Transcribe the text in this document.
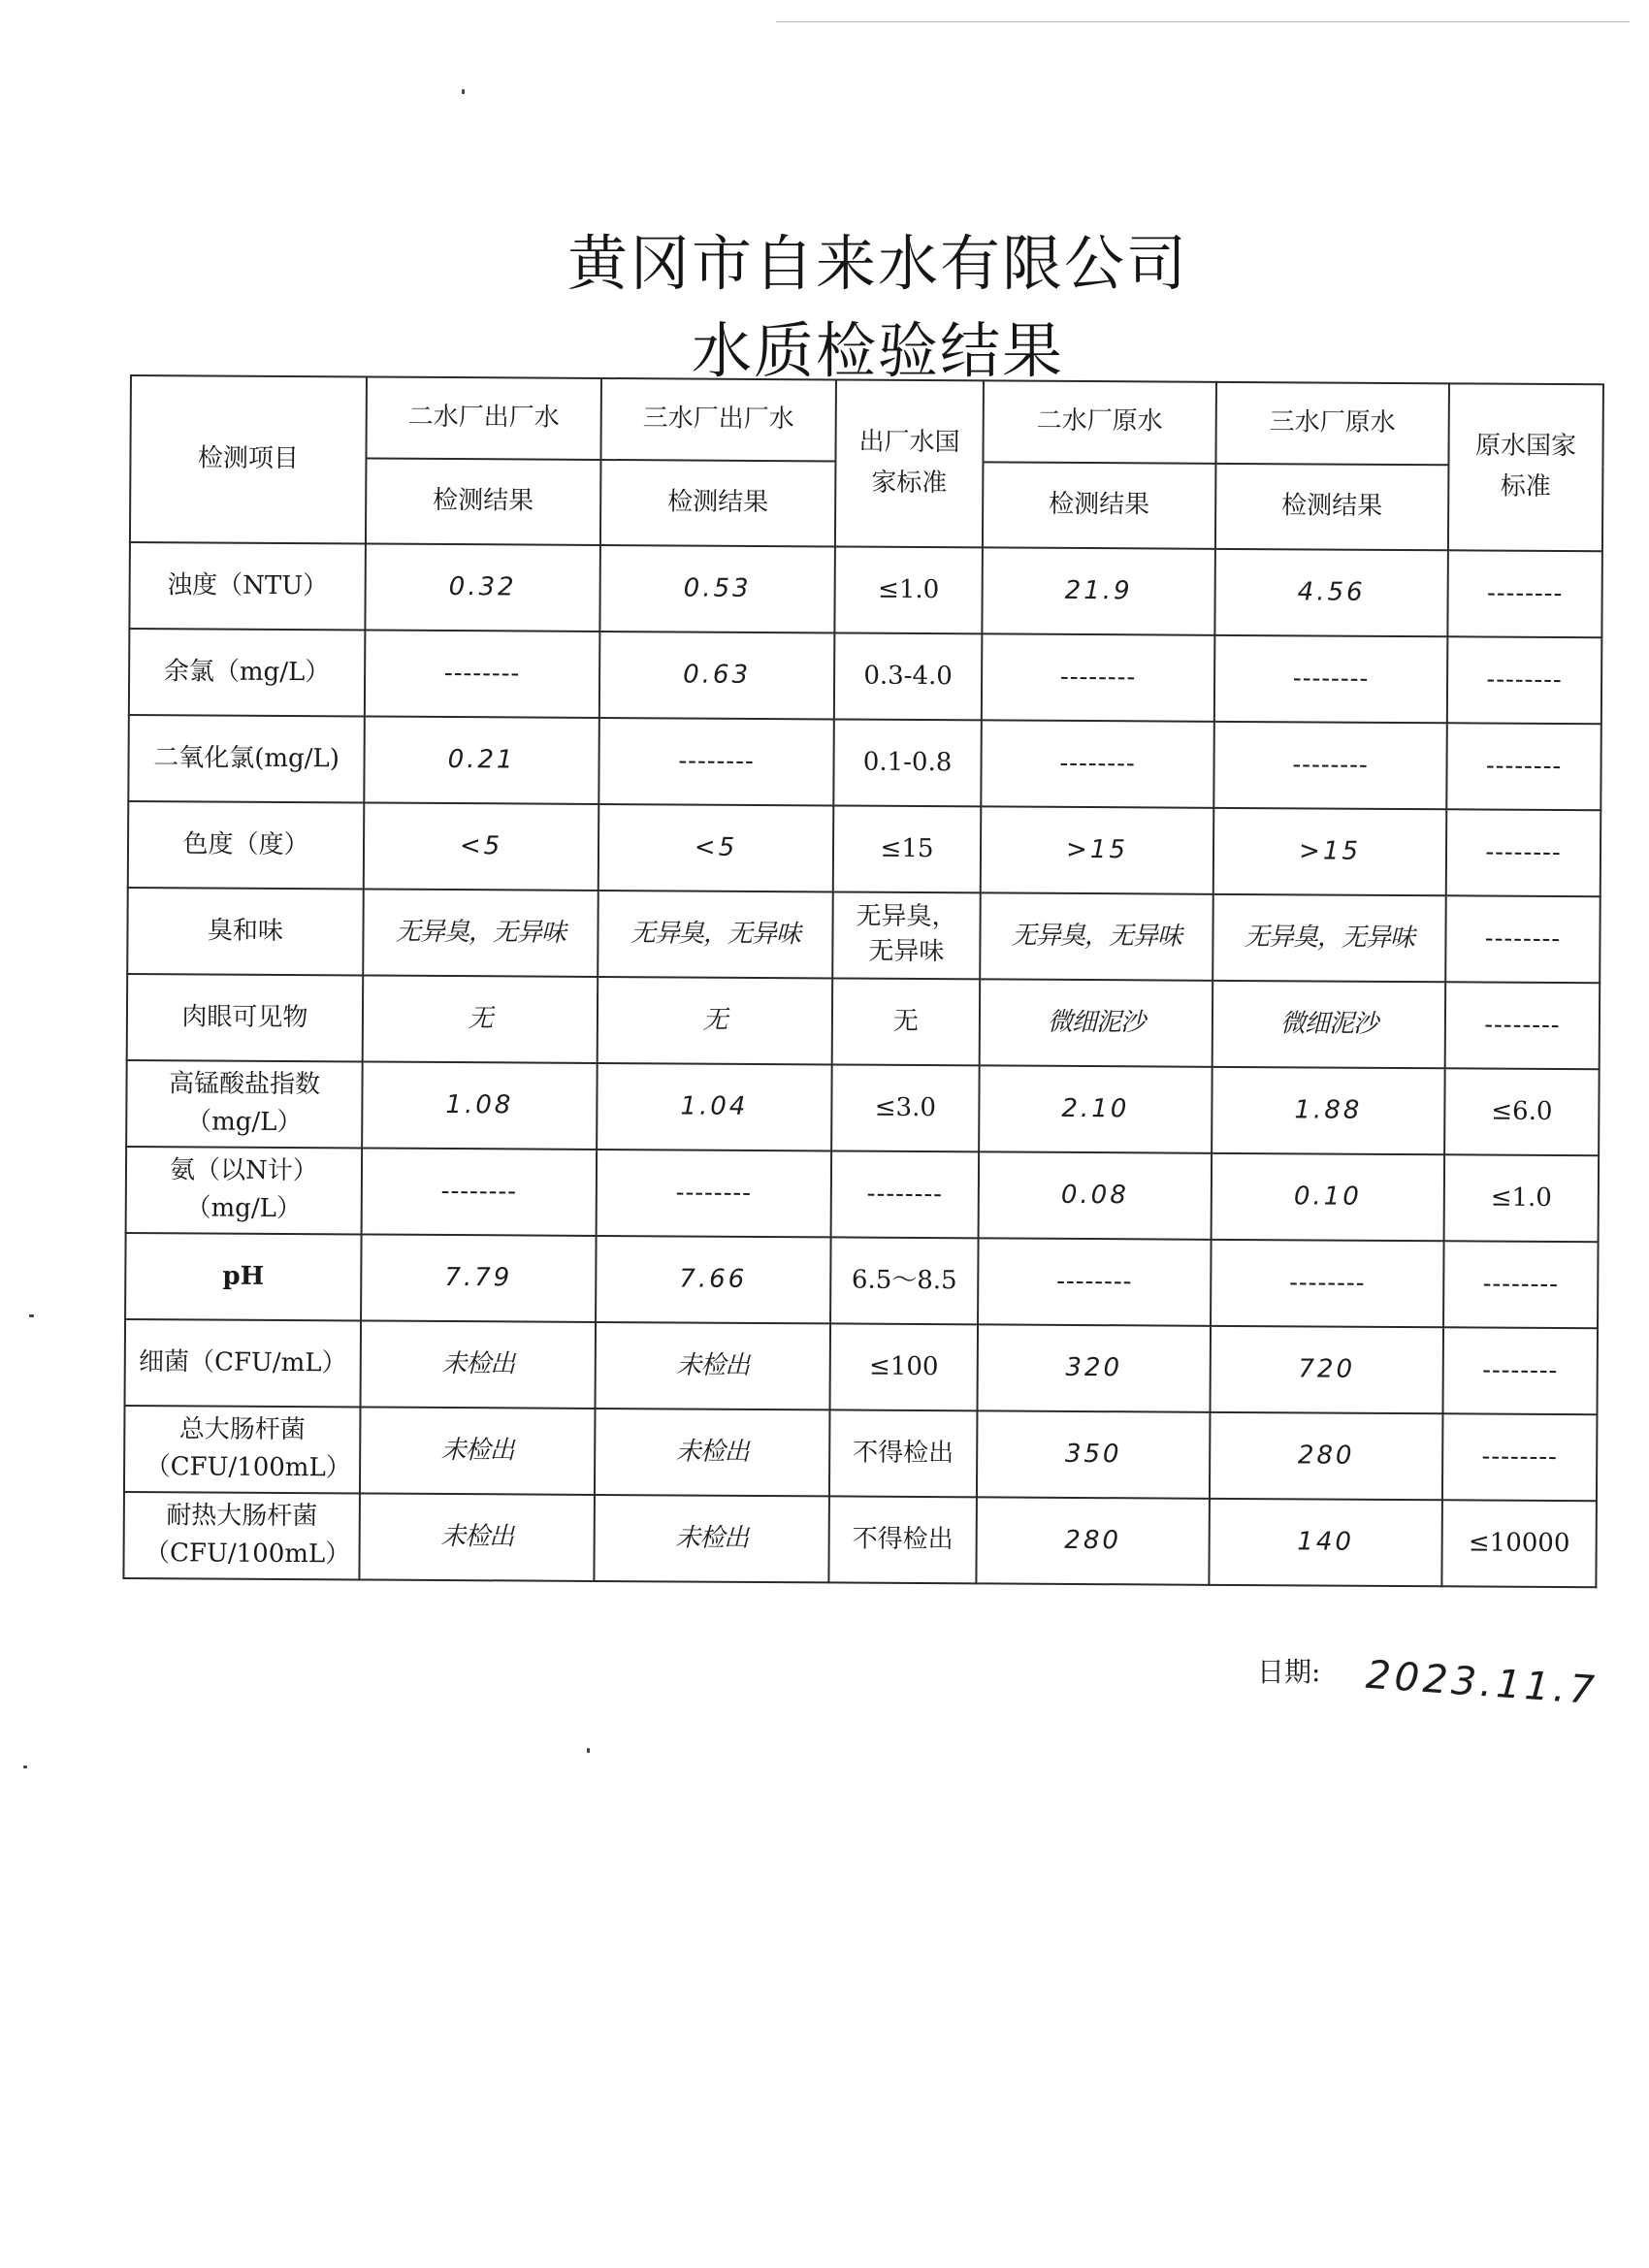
黄冈市自来水有限公司
水质检验结果
检测项目	二水厂出厂水	三水厂出厂水	出厂水国家标准	二水厂原水	三水厂原水	原水国家标准
	检测结果	检测结果		检测结果	检测结果	
浊度（NTU）	0.32	0.53	≤1.0	21.9	4.56	--------
余氯（mg/L）	--------	0.63	0.3-4.0	--------	--------	--------
二氧化氯(mg/L)	0.21	--------	0.1-0.8	--------	--------	--------
色度（度）	<5	<5	≤15	>15	>15	--------
臭和味	无异臭，无异味	无异臭，无异味	无异臭，无异味	无异臭，无异味	无异臭，无异味	--------
肉眼可见物	无	无	无	微细泥沙	微细泥沙	--------
高锰酸盐指数（mg/L）	1.08	1.04	≤3.0	2.10	1.88	≤6.0
氨（以N计）（mg/L）	--------	--------	--------	0.08	0.10	≤1.0
pH	7.79	7.66	6.5～8.5	--------	--------	--------
细菌（CFU/mL）	未检出	未检出	≤100	320	720	--------
总大肠杆菌（CFU/100mL）	未检出	未检出	不得检出	350	280	--------
耐热大肠杆菌（CFU/100mL）	未检出	未检出	不得检出	280	140	≤10000
日期: 2023.11.7
